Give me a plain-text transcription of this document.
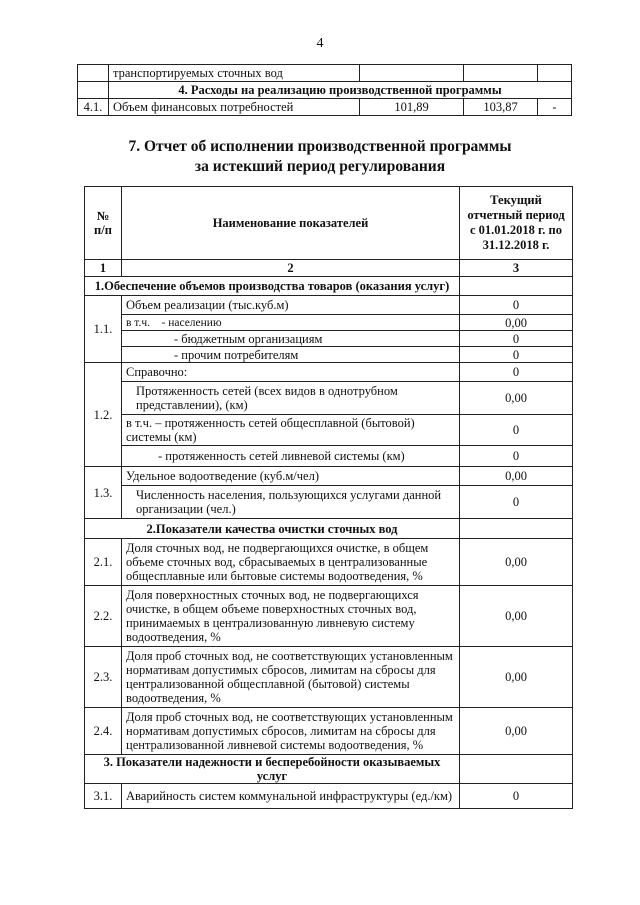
4
	транспортируемых сточных вод			
	4. Расходы на реализацию производственной программы			
4.1.	Объем финансовых потребностей	101,89	103,87	-
7. Отчет об исполнении производственной программы
за истекший период регулирования
№ п/п	Наименование показателей	Текущий отчетный период с 01.01.2018 г. по 31.12.2018 г.
1	2	3
1.Обеспечение объемов производства товаров (оказания услуг)		
1.1.	Объем реализации (тыс.куб.м)	0
	в т.ч. - населению	0,00
	- бюджетным организациям	0
	- прочим потребителям	0
1.2.	Справочно:	0
	Протяженность сетей (всех видов в однотрубном представлении), (км)	0,00
	в т.ч. – протяженность сетей общесплавной (бытовой) системы (км)	0
	- протяженность сетей ливневой системы (км)	0
1.3.	Удельное водоотведение (куб.м/чел)	0,00
	Численность населения, пользующихся услугами данной организации (чел.)	0
2.Показатели качества очистки сточных вод		
2.1.	Доля сточных вод, не подвергающихся очистке, в общем объеме сточных вод, сбрасываемых в централизованные общесплавные или бытовые системы водоотведения, %	0,00
2.2.	Доля поверхностных сточных вод, не подвергающихся очистке, в общем объеме поверхностных сточных вод, принимаемых в централизованную ливневую систему водоотведения, %	0,00
2.3.	Доля проб сточных вод, не соответствующих установленным нормативам допустимых сбросов, лимитам на сбросы для централизованной общесплавной (бытовой) системы водоотведения, %	0,00
2.4.	Доля проб сточных вод, не соответствующих установленным нормативам допустимых сбросов, лимитам на сбросы для централизованной ливневой системы водоотведения, %	0,00
3. Показатели надежности и бесперебойности оказываемых услуг		
3.1.	Аварийность систем коммунальной инфраструктуры (ед./км)	0
